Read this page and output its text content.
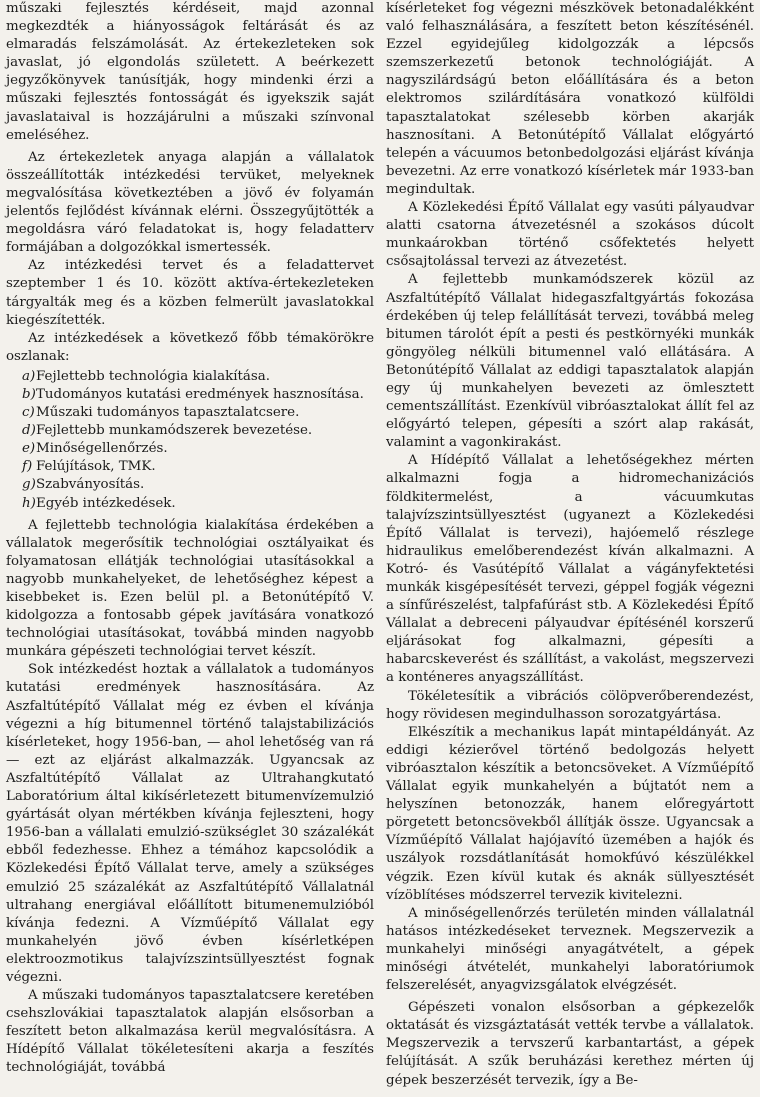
műszaki fejlesztés kérdéseit, majd azonnal megkezdték a hiányosságok feltárását és az elmaradás felszámolását. Az értekezleteken sok javaslat, jó elgondolás született. A beérkezett jegyzőkönyvek tanúsítják, hogy mindenki érzi a műszaki fejlesztés fontosságát és igyekszik saját javaslataival is hozzájárulni a műszaki színvonal emeléséhez.

Az értekezletek anyaga alapján a vállalatok összeállították intézkedési tervüket, melyeknek megvalósítása következtében a jövő év folyamán jelentős fejlődést kívánnak elérni. Összegyűjtötték a megoldásra váró feladatokat is, hogy feladatterv formájában a dolgozókkal ismertessék.

Az intézkedési tervet és a feladattervet szeptember 1 és 10. között aktíva-értekezleteken tárgyalták meg és a közben felmerült javaslatokkal kiegészítették.

Az intézkedések a következő főbb témakörökre oszlanak:

a)Fejlettebb technológia kialakítása.
b)Tudományos kutatási eredmények hasznosítása.
c)Műszaki tudományos tapasztalatcsere.
d)Fejlettebb munkamódszerek bevezetése.
e)Minőségellenőrzés.
f) Felújítások, TMK.
g)Szabványosítás.
h)Egyéb intézkedések.

A fejlettebb technológia kialakítása érdekében a vállalatok megerősítik technológiai osztályaikat és folyamatosan ellátják technológiai utasításokkal a nagyobb munkahelyeket, de lehetőséghez képest a kisebbeket is. Ezen belül pl. a Betonútépítő V. kidolgozza a fontosabb gépek javítására vonatkozó technológiai utasításokat, továbbá minden nagyobb munkára gépészeti technológiai tervet készít.

Sok intézkedést hoztak a vállalatok a tudományos kutatási eredmények hasznosítására. Az Aszfaltútépítő Vállalat még ez évben el kívánja végezni a híg bitumennel történő talajstabilizációs kísérleteket, hogy 1956-ban, — ahol lehetőség van rá — ezt az eljárást alkalmazzák. Ugyancsak az Aszfaltútépítő Vállalat az Ultrahangkutató Laboratórium által kikísérletezett bitumenvízemulzió gyártását olyan mértékben kívánja fejleszteni, hogy 1956-ban a vállalati emulzió-szükséglet 30 százalékát ebből fedezhesse. Ehhez a témához kapcsolódik a Közlekedési Építő Vállalat terve, amely a szükséges emulzió 25 százalékát az Aszfaltútépítő Vállalatnál ultrahang energiával előállított bitumenemulzióból kívánja fedezni. A Vízműépítő Vállalat egy munkahelyén jövő évben kísérletképen elektroozmotikus talajvízszintsüllyesztést fognak végezni.

A műszaki tudományos tapasztalatcsere keretében csehszlovákiai tapasztalatok alapján elsősorban a feszített beton alkalmazása kerül megvalósításra. A Hídépítő Vállalat tökéletesíteni akarja a feszítés technológiáját, továbbá

kísérleteket fog végezni mészkövek betonadalékként való felhasználására, a feszített beton készítésénél. Ezzel egyidejűleg kidolgozzák a lépcsős szemszerkezetű betonok technológiáját. A nagyszilárdságú beton előállítására és a beton elektromos szilárdítására vonatkozó külföldi tapasztalatokat szélesebb körben akarják hasznosítani. A Betonútépítő Vállalat előgyártó telepén a vácuumos betonbedolgozási eljárást kívánja bevezetni. Az erre vonatkozó kísérletek már 1933-ban megindultak.

A Közlekedési Építő Vállalat egy vasúti pályaudvar alatti csatorna átvezetésnél a szokásos dúcolt munkaárokban történő csőfektetés helyett csősajtolással tervezi az átvezetést.

A fejlettebb munkamódszerek közül az Aszfaltútépítő Vállalat hidegaszfaltgyártás fokozása érdekében új telep felállítását tervezi, továbbá meleg bitumen tárolót épít a pesti és pestkörnyéki munkák göngyöleg nélküli bitumennel való ellátására. A Betonútépítő Vállalat az eddigi tapasztalatok alapján egy új munkahelyen bevezeti az ömlesztett cementszállítást. Ezenkívül vibróasztalokat állít fel az előgyártó telepen, gépesíti a szórt alap rakását, valamint a vagonkirakást.

A Hídépítő Vállalat a lehetőségekhez mérten alkalmazni fogja a hidromechanizációs földkitermelést, a vácuumkutas talajvízszintsüllyesztést (ugyanezt a Közlekedési Építő Vállalat is tervezi), hajóemelő részlege hidraulikus emelőberendezést kíván alkalmazni. A Kotró- és Vasútépítő Vállalat a vágányfektetési munkák kisgépesítését tervezi, géppel fogják végezni a sínfűrészelést, talpfafúrást stb. A Közlekedési Építő Vállalat a debreceni pályaudvar építésénél korszerű eljárásokat fog alkalmazni, gépesíti a habarcskeverést és szállítást, a vakolást, megszervezi a konténeres anyagszállítást.

Tökéletesítik a vibrációs cölöpverőberendezést, hogy rövidesen megindulhasson sorozatgyártása.

Elkészítik a mechanikus lapát mintapéldányát. Az eddigi kézierővel történő bedolgozás helyett vibróasztalon készítik a betoncsöveket. A Vízműépítő Vállalat egyik munkahelyén a bújtatót nem a helyszínen betonozzák, hanem előregyártott pörgetett betoncsövekből állítják össze. Ugyancsak a Vízműépítő Vállalat hajójavító üzemében a hajók és uszályok rozsdátlanítását homokfúvó készülékkel végzik. Ezen kívül kutak és aknák süllyesztését vízöblítéses módszerrel tervezik kivitelezni.

A minőségellenőrzés területén minden vállalatnál hatásos intézkedéseket terveznek. Megszervezik a munkahelyi minőségi anyagátvételt, a gépek minőségi átvételét, munkahelyi laboratóriumok felszerelését, anyagvizsgálatok elvégzését.

Gépészeti vonalon elsősorban a gépkezelők oktatását és vizsgáztatását vették tervbe a vállalatok. Megszervezik a tervszerű karbantartást, a gépek felújítását. A szűk beruházási kerethez mérten új gépek beszerzését tervezik, így a Be-
